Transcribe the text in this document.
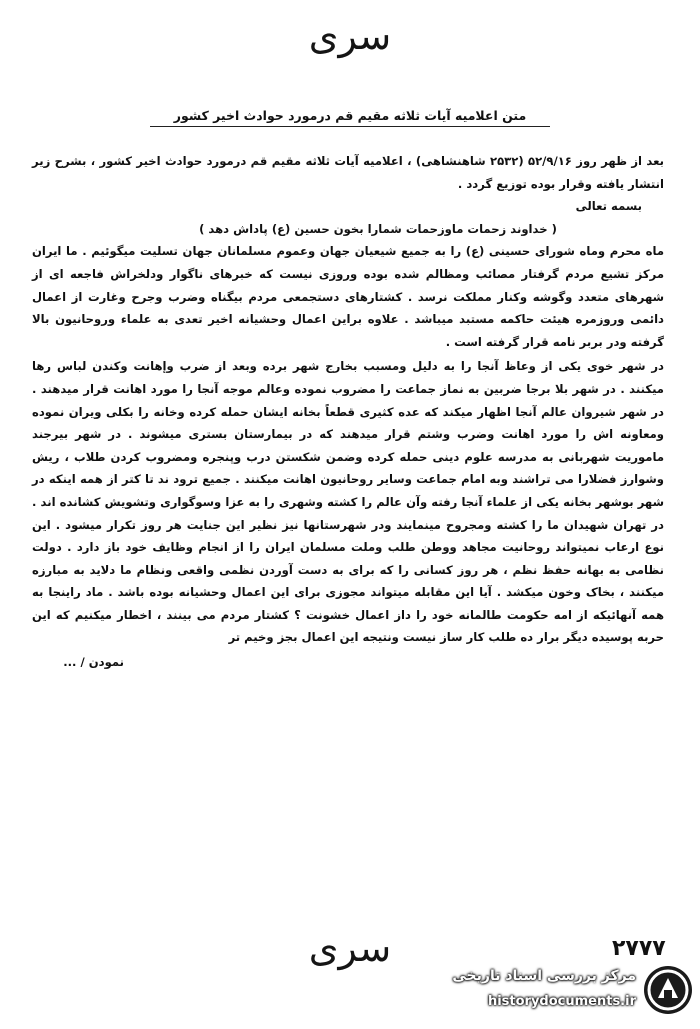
سری
متن اعلامیه آیات ثلاثه مقیم قم درمورد حوادث اخیر کشور

بعد از ظهر روز ۵۲/۹/۱۶ (۲۵۳۲ شاهنشاهی) ، اعلامیه آیات ثلاثه مقیم قم درمورد حوادث اخیر کشور ، بشرح زیر انتشار یافته وقرار بوده توزیع گردد .

بسمه تعالی

( خداوند زحمات ماوزحمات شمارا بخون حسین (ع) پاداش دهد )

ماه محرم وماه شورای حسینی (ع) را به جمیع شیعیان جهان وعموم مسلمانان جهان تسلیت میگوئیم . ما ایران مرکز تشیع مردم گرفتار مصائب ومظالم شده بوده وروزی نیست که خبرهای ناگوار ودلخراش فاجعه ای از شهرهای متعدد وگوشه وکنار مملکت نرسد . کشتارهای دستجمعی مردم بیگناه وضرب وجرح وغارت از اعمال دائمی وروزمره هیئت حاکمه مستبد میباشد . علاوه براین اعمال وحشیانه اخیر تعدی به علماء وروحانیون بالا گرفته ودر بربر نامه قرار گرفته است .

در شهر خوی یکی از وعاظ آنجا را به دلیل ومسبب بخارج شهر برده وبعد از ضرب وإهانت وکندن لباس رها میکنند . در شهر بلا برجا ضربین به نماز جماعت را مضروب نموده وعالم موجه آنجا را مورد اهانت قرار میدهند . در شهر شیروان عالم آنجا اظهار میکند که عده کثیری قطعاً بخانه ایشان حمله کرده وخانه را بکلی ویران نموده ومعاونه اش را مورد اهانت وضرب وشتم قرار میدهند که در بیمارستان بستری میشوند . در شهر بیرجند ماموریت شهربانی به مدرسه علوم دینی حمله کرده وضمن شکستن درب وپنجره ومضروب کردن طلاب ، ریش وشوارز فضلارا می تراشند وبه امام جماعت وسایر روحانیون اهانت میکنند . جمیع ترود ند تا کتر از همه اینکه در شهر بوشهر بخانه یکی از علماء آنجا رفته وآن عالم را کشته وشهری را به عزا وسوگواری وتشویش کشانده اند . در تهران شهیدان ما را کشته ومجروح مینمایند ودر شهرستانها نیز نظیر این جنایت هر روز تکرار میشود . این نوع ارعاب نمیتواند روحانیت مجاهد ووطن طلب وملت مسلمان ایران را از انجام وظایف خود باز دارد . دولت نظامی به بهانه حفظ نظم ، هر روز کسانی را که برای به دست آوردن نظمی واقعی ونظام ما دلاید به مبارزه میکنند ، بخاک وخون میکشد . آیا این مقابله میتواند مجوزی برای این اعمال وحشیانه بوده باشد . ماد راینجا به همه آنهائیکه از امه حکومت طالمانه خود را داز اعمال خشونت ؟ کشتار مردم می بینند ، اخطار میکنیم که این حربه پوسیده دیگر برار ده طلب کار ساز نیست ونتیجه این اعمال بجز وخیم تر

نمودن / ...

سری	۲۷۷۷
مرکز بررسی اسناد تاریخی
historydocuments.ir
